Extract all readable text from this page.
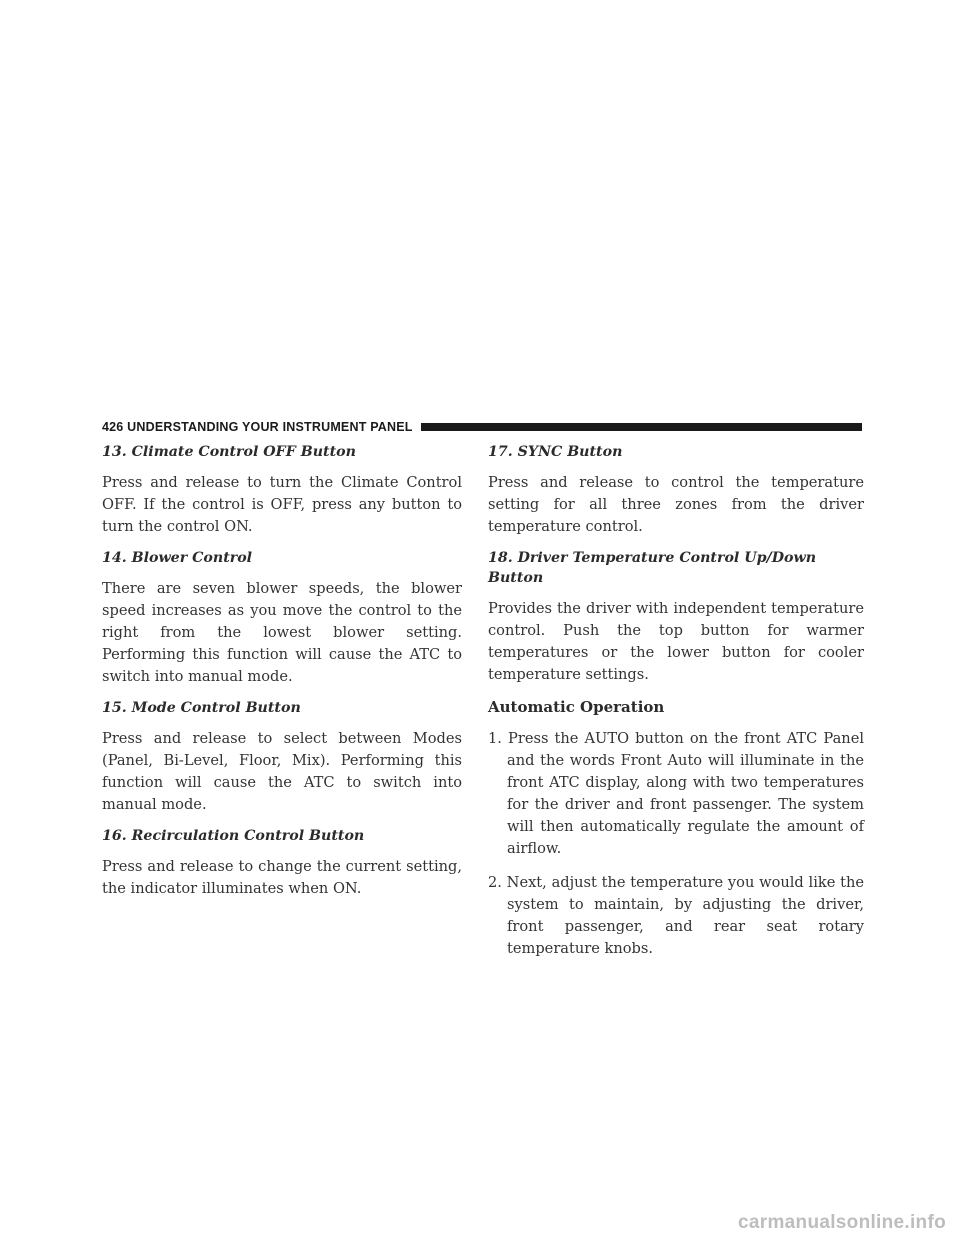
426 UNDERSTANDING YOUR INSTRUMENT PANEL
13. Climate Control OFF Button
Press and release to turn the Climate Control OFF. If the control is OFF, press any button to turn the control ON.
14. Blower Control
There are seven blower speeds, the blower speed increases as you move the control to the right from the lowest blower setting. Performing this function will cause the ATC to switch into manual mode.
15. Mode Control Button
Press and release to select between Modes (Panel, Bi-Level, Floor, Mix). Performing this function will cause the ATC to switch into manual mode.
16. Recirculation Control Button
Press and release to change the current setting, the indicator illuminates when ON.
17. SYNC Button
Press and release to control the temperature setting for all three zones from the driver temperature control.
18. Driver Temperature Control Up/Down Button
Provides the driver with independent temperature control. Push the top button for warmer temperatures or the lower button for cooler temperature settings.
Automatic Operation
1. Press the AUTO button on the front ATC Panel and the words Front Auto will illuminate in the front ATC display, along with two temperatures for the driver and front passenger. The system will then automatically regulate the amount of airflow.
2. Next, adjust the temperature you would like the system to maintain, by adjusting the driver, front passenger, and rear seat rotary temperature knobs.
carmanualsonline.info
